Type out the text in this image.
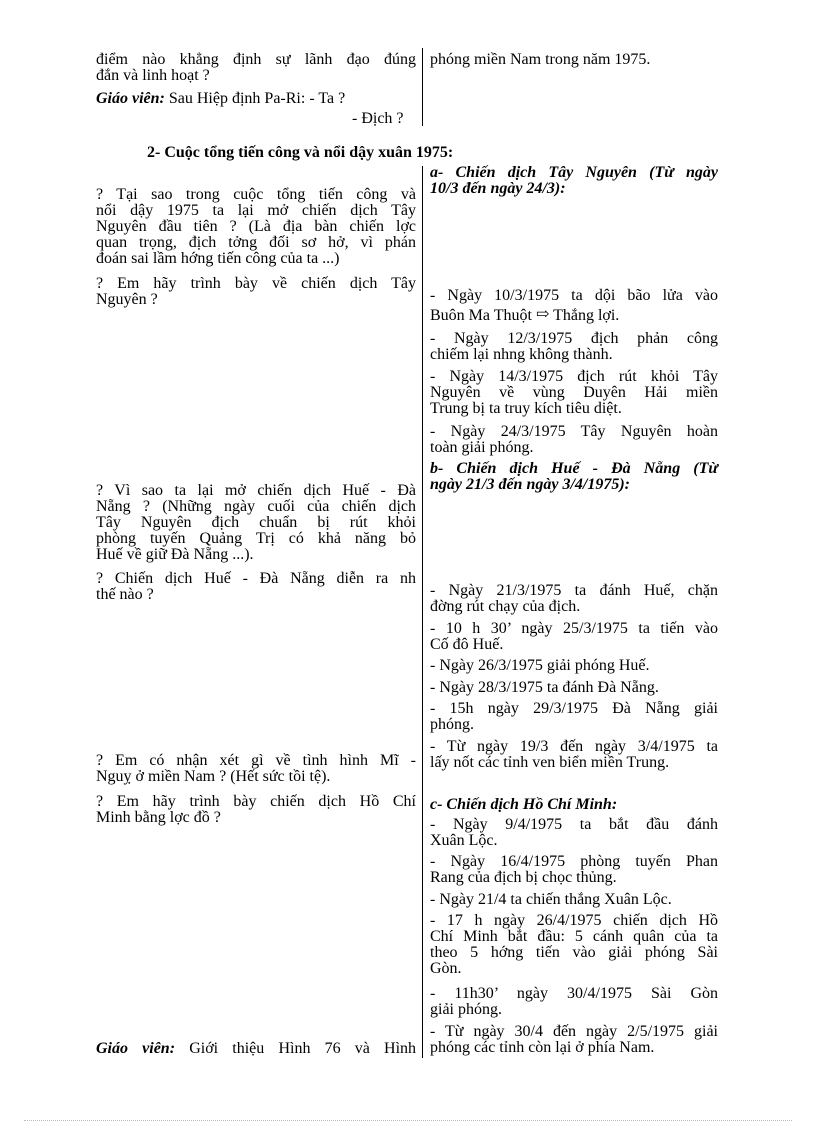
điểm nào khẳng định sự lãnh đạo đúng
đắn và linh hoạt ?
Giáo viên: Sau Hiệp định Pa-Ri: - Ta ?
- Địch ?
phóng miền Nam trong năm 1975.
2- Cuộc tổng tiến công và nổi dậy xuân 1975:
a- Chiến dịch Tây Nguyên (Từ ngày
10/3 đến ngày 24/3):
? Tại sao trong cuộc tổng tiến công và
nổi dậy 1975 ta lại mở chiến dịch Tây
Nguyên đầu tiên ? (Là địa bàn chiến lợc
quan trọng, địch tởng đối sơ hở, vì phán
đoán sai lầm hớng tiến công của ta ...)
? Em hãy trình bày về chiến dịch Tây
Nguyên ?	- Ngày 10/3/1975 ta dội bão lửa vào
Buôn Ma Thuột ⇨ Thắng lợi.
- Ngày 12/3/1975 địch phản công
chiếm lại nhng không thành.
- Ngày 14/3/1975 địch rút khỏi Tây
Nguyên về vùng Duyên Hải miền
Trung bị ta truy kích tiêu diệt.
- Ngày 24/3/1975 Tây Nguyên hoàn
toàn giải phóng.
b- Chiến dịch Huế - Đà Nẵng (Từ
ngày 21/3 đến ngày 3/4/1975):
? Vì sao ta lại mở chiến dịch Huế - Đà
Nẵng ? (Những ngày cuối của chiến dịch
Tây Nguyên địch chuẩn bị rút khỏi
phòng tuyến Quảng Trị có khả năng bỏ
Huế về giữ Đà Nẵng ...).
? Chiến dịch Huế - Đà Nẵng diễn ra nh
thế nào ?	- Ngày 21/3/1975 ta đánh Huế, chặn
đờng rút chạy của địch.
- 10 h 30’ ngày 25/3/1975 ta tiến vào
Cố đô Huế.
- Ngày 26/3/1975 giải phóng Huế.
- Ngày 28/3/1975 ta đánh Đà Nẵng.
- 15h ngày 29/3/1975 Đà Nẵng giải
phóng.
- Từ ngày 19/3 đến ngày 3/4/1975 ta
lấy nốt các tỉnh ven biển miền Trung.
? Em có nhận xét gì về tình hình Mĩ -
Nguỵ ở miền Nam ? (Hết sức tồi tệ).
? Em hãy trình bày chiến dịch Hồ Chí
Minh bằng lợc đồ ?
c- Chiến dịch Hồ Chí Minh:
- Ngày 9/4/1975 ta bắt đầu đánh
Xuân Lộc.
- Ngày 16/4/1975 phòng tuyến Phan
Rang của địch bị chọc thủng.
- Ngày 21/4 ta chiến thắng Xuân Lộc.
- 17 h ngày 26/4/1975 chiến dịch Hồ
Chí Minh bắt đầu: 5 cánh quân của ta
theo 5 hớng tiến vào giải phóng Sài
Gòn.
- 11h30’ ngày 30/4/1975 Sài Gòn
giải phóng.
- Từ ngày 30/4 đến ngày 2/5/1975 giải
phóng các tỉnh còn lại ở phía Nam.
Giáo viên: Giới thiệu Hình 76 và Hình
